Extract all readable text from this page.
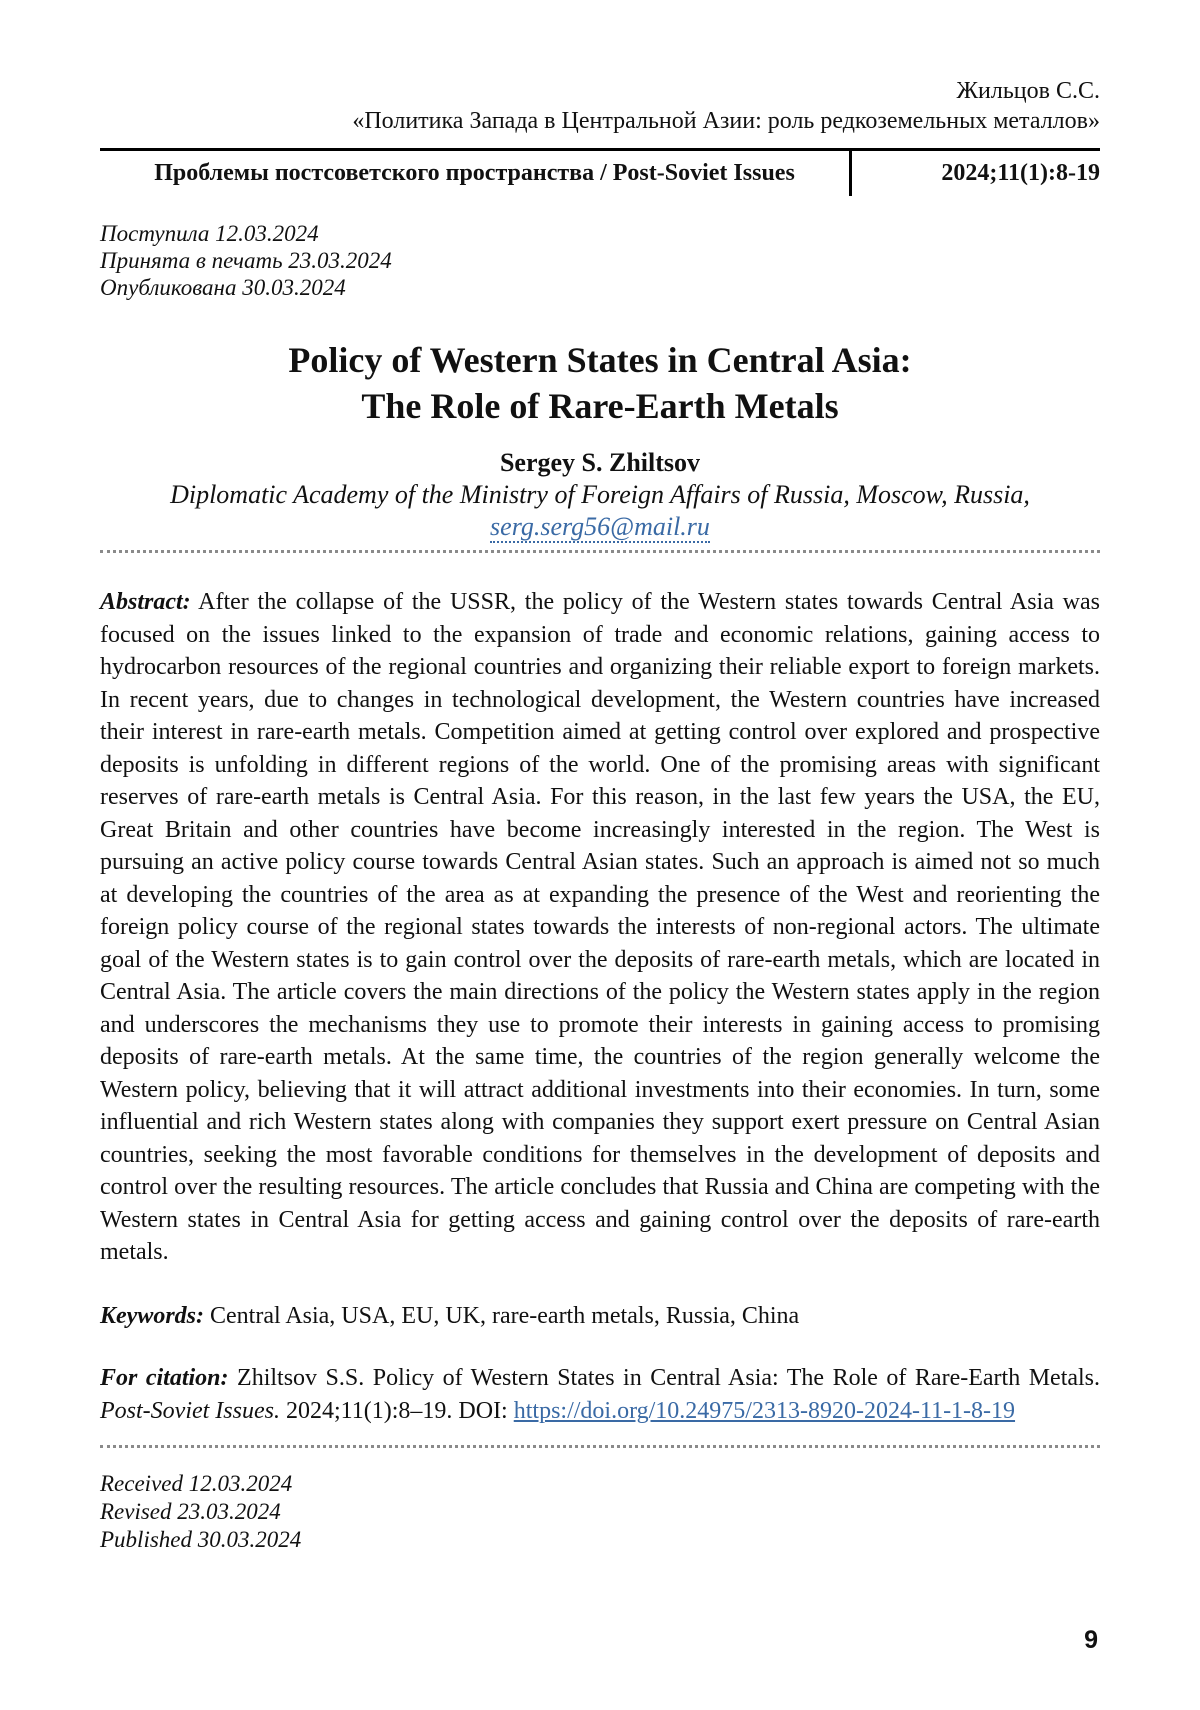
Жильцов С.С.
«Политика Запада в Центральной Азии: роль редкоземельных металлов»
Проблемы постсоветского пространства / Post-Soviet Issues	2024;11(1):8-19
Поступила 12.03.2024
Принята в печать 23.03.2024
Опубликована 30.03.2024
Policy of Western States in Central Asia:
The Role of Rare-Earth Metals
Sergey S. Zhiltsov
Diplomatic Academy of the Ministry of Foreign Affairs of Russia, Moscow, Russia,
serg.serg56@mail.ru

Abstract: After the collapse of the USSR, the policy of the Western states towards Central Asia was focused on the issues linked to the expansion of trade and economic relations, gaining access to hydrocarbon resources of the regional countries and organizing their reliable export to foreign markets. In recent years, due to changes in technological development, the Western countries have increased their interest in rare-earth metals. Competition aimed at getting control over explored and prospective deposits is unfolding in different regions of the world. One of the promising areas with significant reserves of rare-earth metals is Central Asia. For this reason, in the last few years the USA, the EU, Great Britain and other countries have become increasingly interested in the region. The West is pursuing an active policy course towards Central Asian states. Such an approach is aimed not so much at developing the countries of the area as at expanding the presence of the West and reorienting the foreign policy course of the regional states towards the interests of non-regional actors. The ultimate goal of the Western states is to gain control over the deposits of rare-earth metals, which are located in Central Asia. The article covers the main directions of the policy the Western states apply in the region and underscores the mechanisms they use to promote their interests in gaining access to promising deposits of rare-earth metals. At the same time, the countries of the region generally welcome the Western policy, believing that it will attract additional investments into their economies. In turn, some influential and rich Western states along with companies they support exert pressure on Central Asian countries, seeking the most favorable conditions for themselves in the development of deposits and control over the resulting resources. The article concludes that Russia and China are competing with the Western states in Central Asia for getting access and gaining control over the deposits of rare-earth metals.

Keywords: Central Asia, USA, EU, UK, rare-earth metals, Russia, China

For citation: Zhiltsov S.S. Policy of Western States in Central Asia: The Role of Rare-Earth Metals. Post-Soviet Issues. 2024;11(1):8–19. DOI: https://doi.org/10.24975/2313-8920-2024-11-1-8-19

Received 12.03.2024
Revised 23.03.2024
Published 30.03.2024
9
